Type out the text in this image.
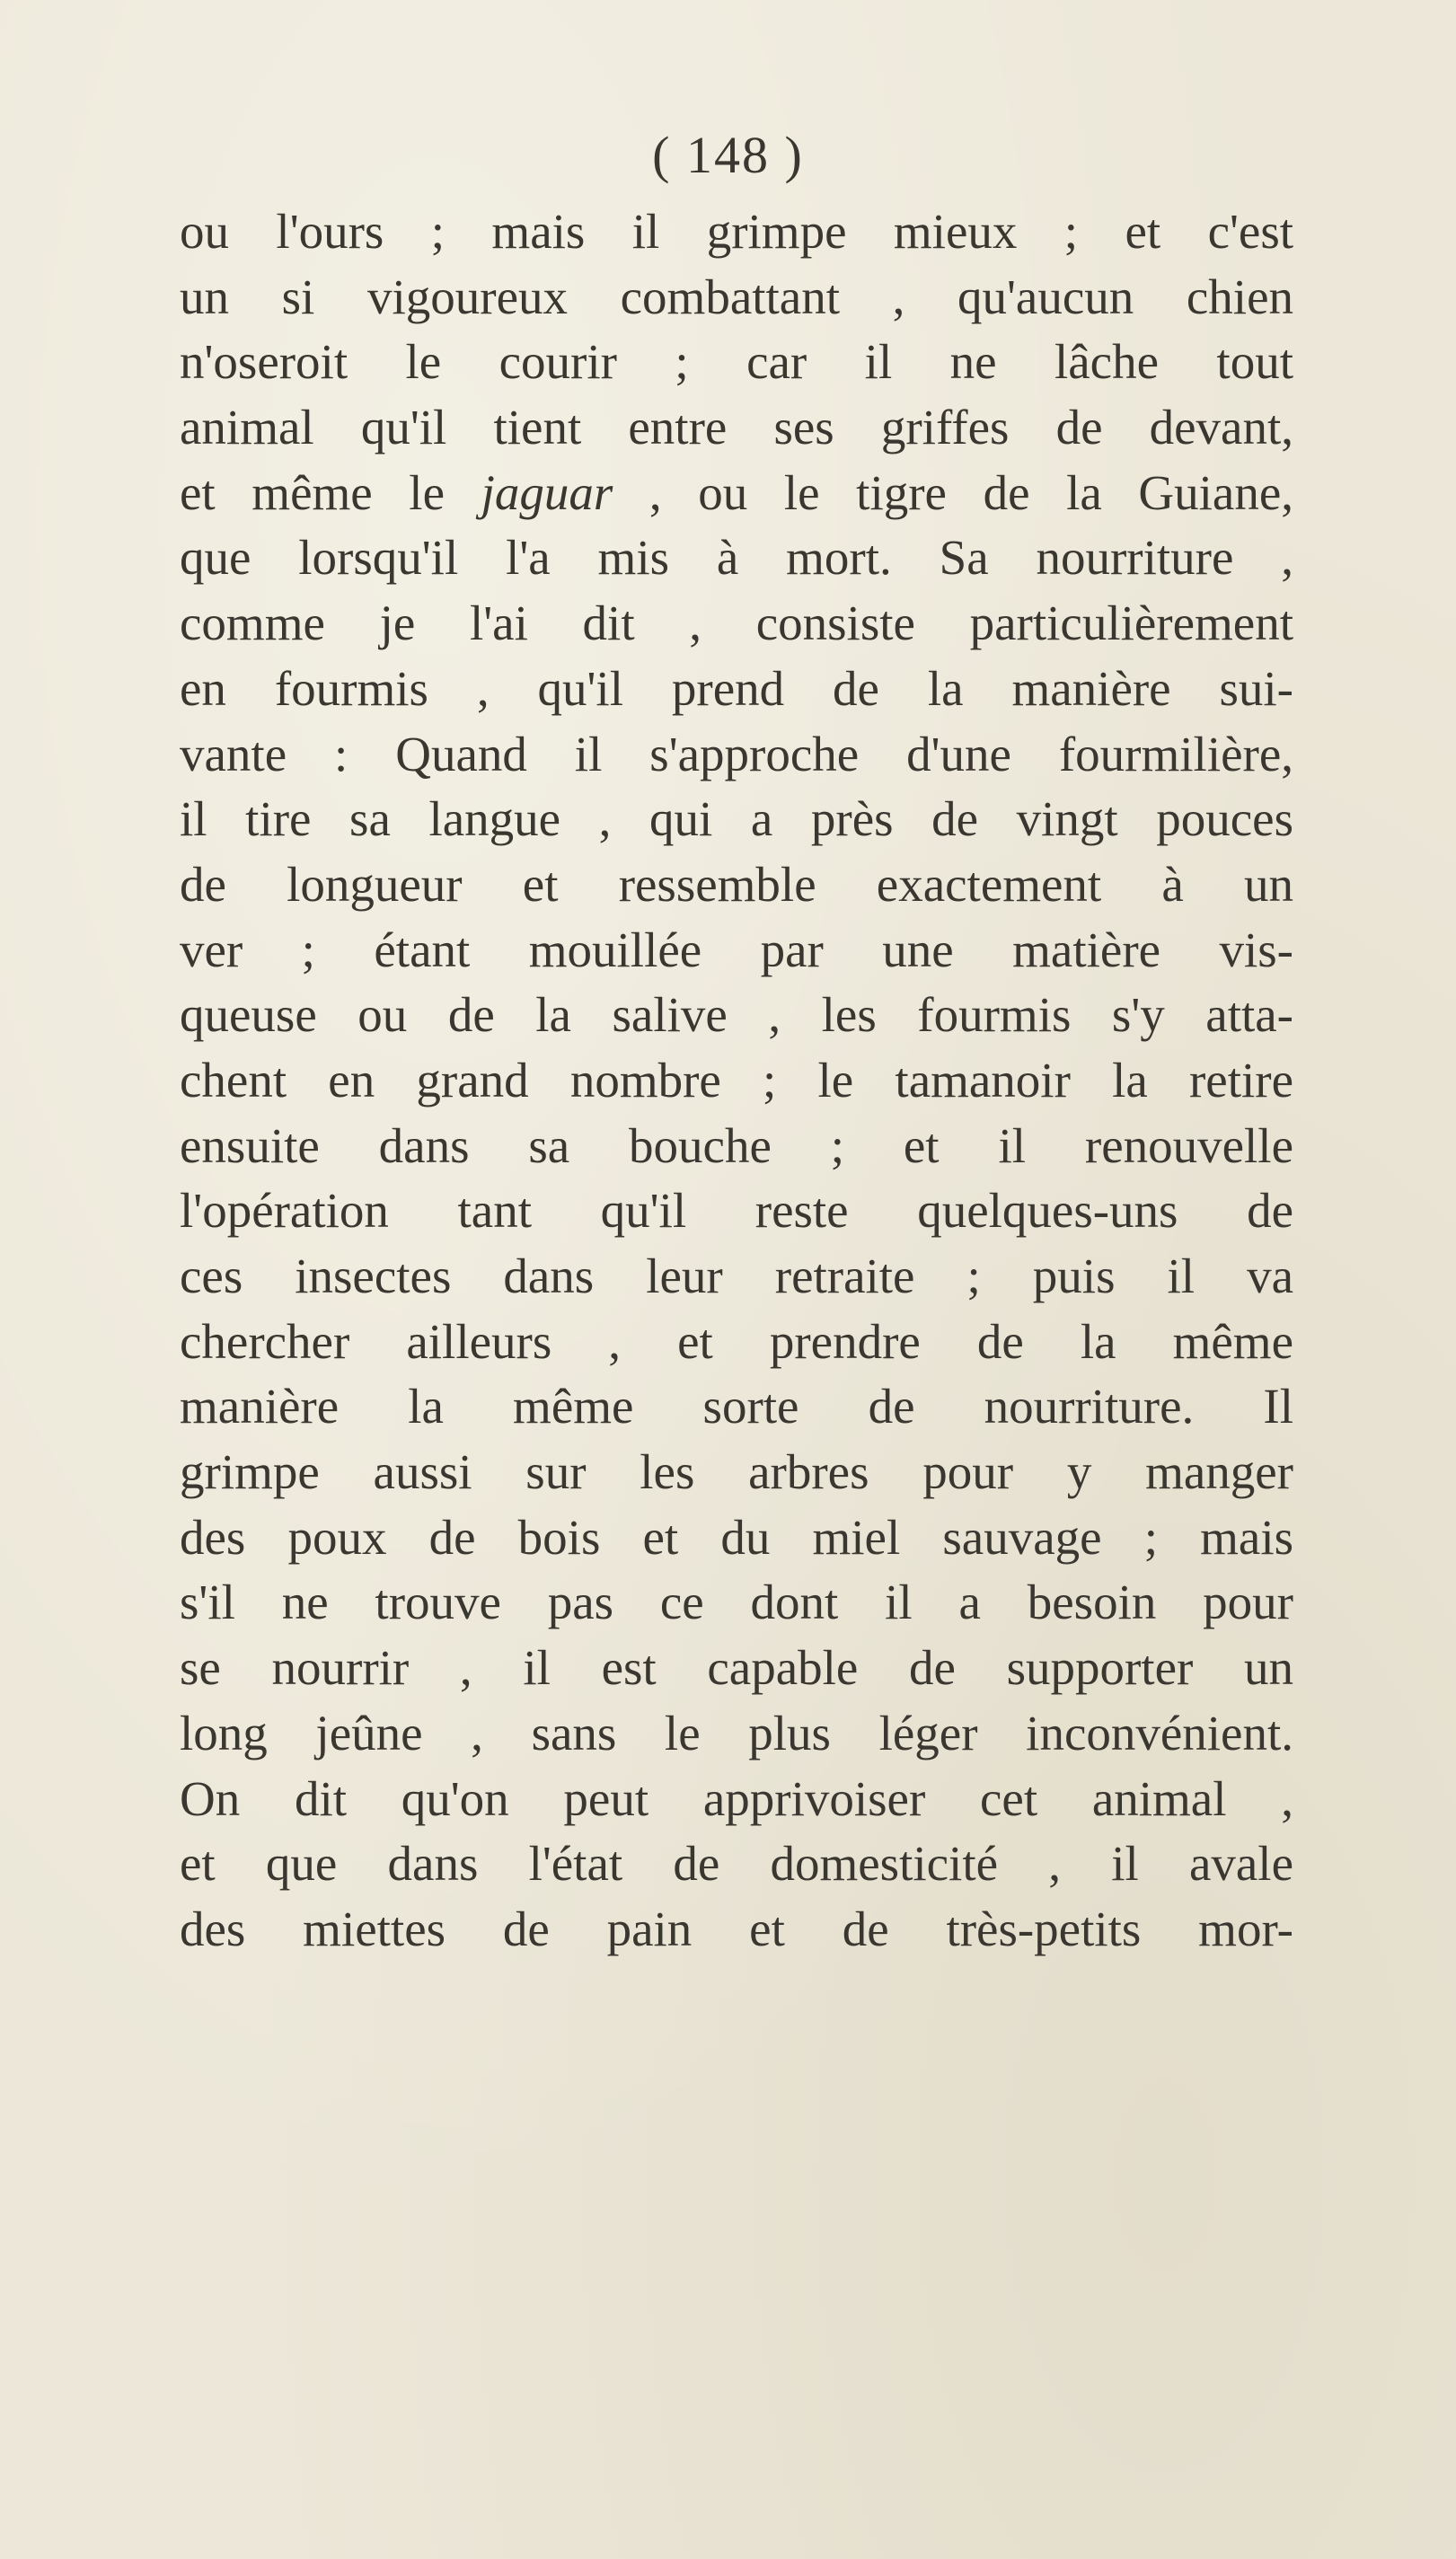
( 148 )
ou l'ours ; mais il grimpe mieux ; et c'est
un si vigoureux combattant , qu'aucun chien
n'oseroit le courir ; car il ne lâche tout
animal qu'il tient entre ses griffes de devant,
et même le jaguar , ou le tigre de la Guiane,
que lorsqu'il l'a mis à mort. Sa nourriture ,
comme je l'ai dit , consiste particulièrement
en fourmis , qu'il prend de la manière sui-
vante : Quand il s'approche d'une fourmilière,
il tire sa langue , qui a près de vingt pouces
de longueur et ressemble exactement à un
ver ; étant mouillée par une matière vis-
queuse ou de la salive , les fourmis s'y atta-
chent en grand nombre ; le tamanoir la retire
ensuite dans sa bouche ; et il renouvelle
l'opération tant qu'il reste quelques-uns de
ces insectes dans leur retraite ; puis il va
chercher ailleurs , et prendre de la même
manière la même sorte de nourriture. Il
grimpe aussi sur les arbres pour y manger
des poux de bois et du miel sauvage ; mais
s'il ne trouve pas ce dont il a besoin pour
se nourrir , il est capable de supporter un
long jeûne , sans le plus léger inconvénient.
On dit qu'on peut apprivoiser cet animal ,
et que dans l'état de domesticité , il avale
des miettes de pain et de très-petits mor-
